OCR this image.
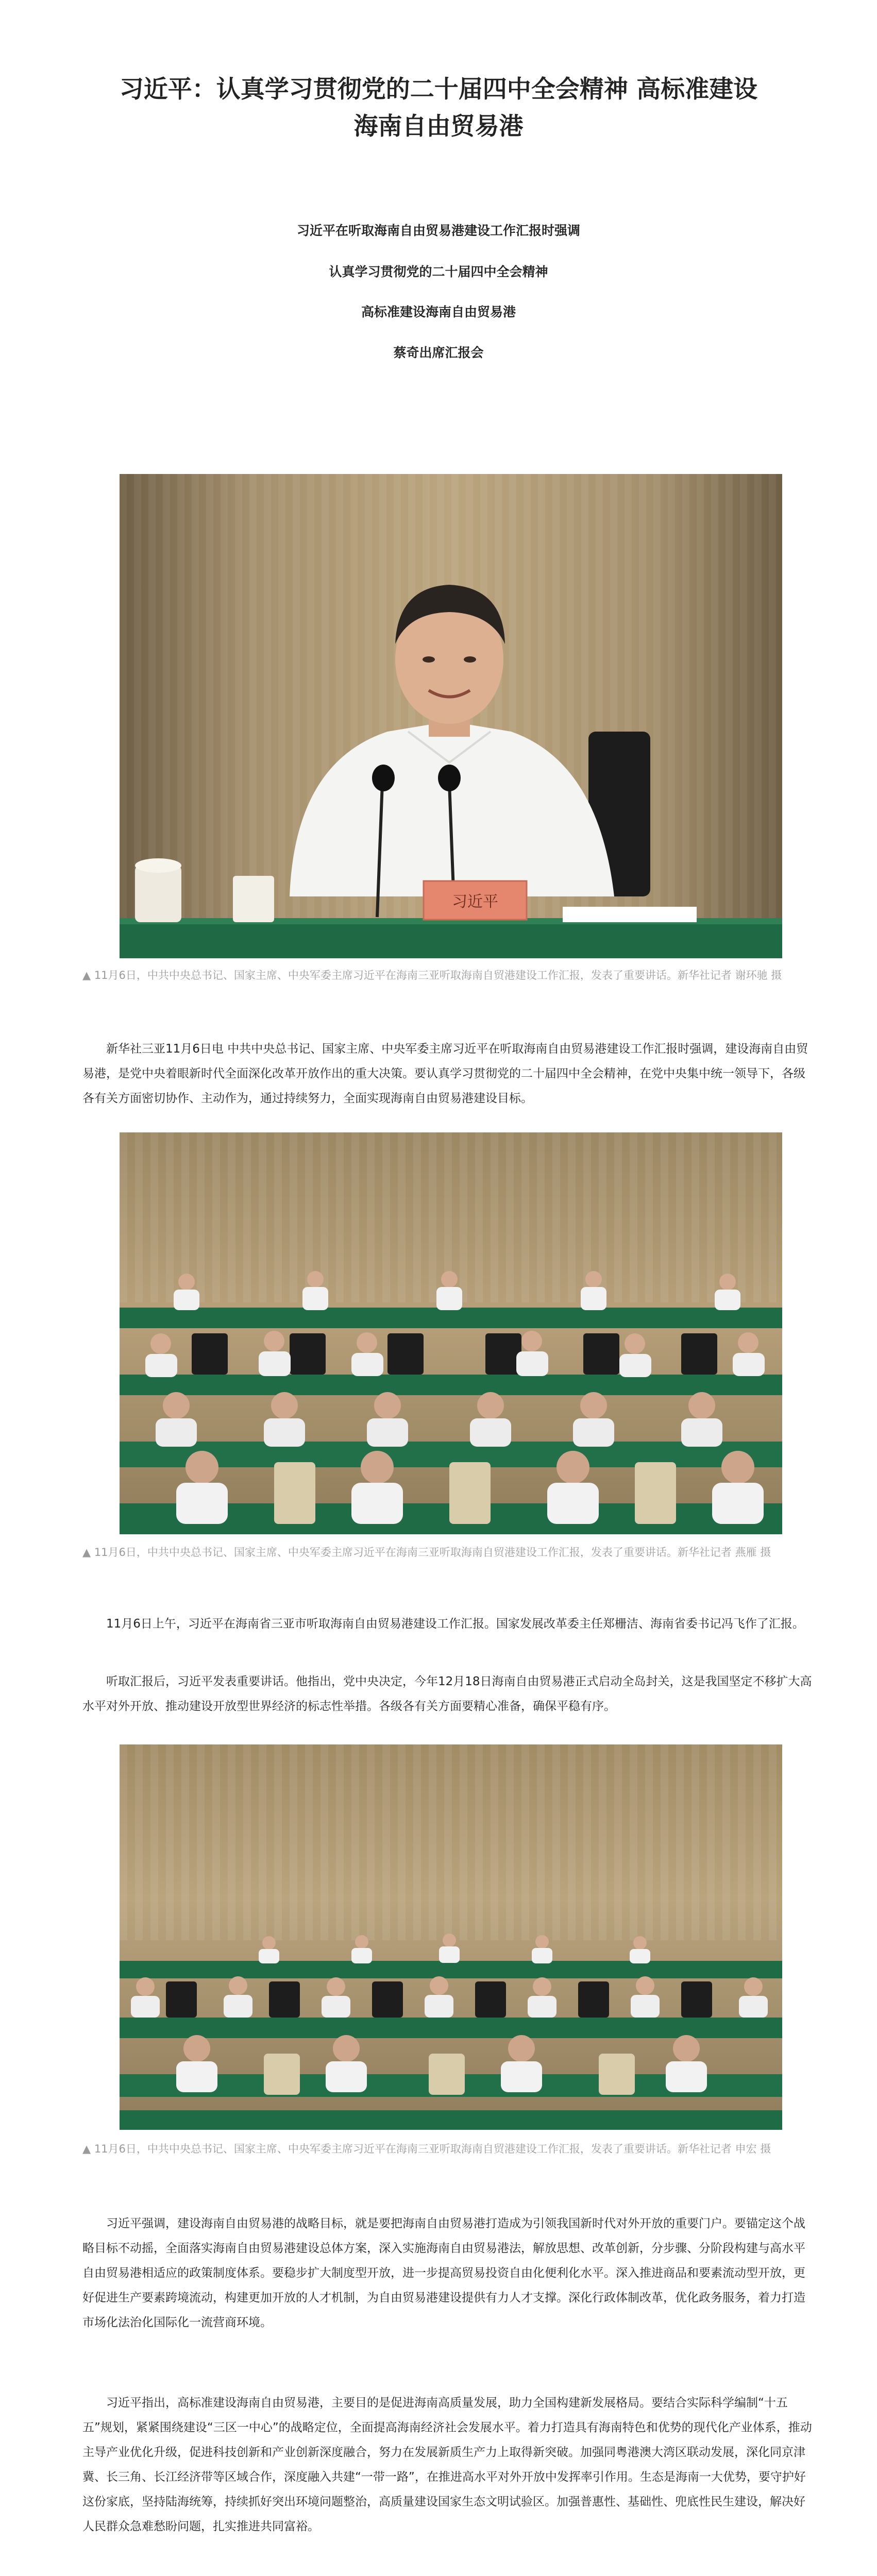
习近平：认真学习贯彻党的二十届四中全会精神 高标准建设
海南自由贸易港
习近平在听取海南自由贸易港建设工作汇报时强调
认真学习贯彻党的二十届四中全会精神
高标准建设海南自由贸易港
蔡奇出席汇报会
习近平
▲ 11月6日，中共中央总书记、国家主席、中央军委主席习近平在海南三亚听取海南自贸港建设工作汇报，发表了重要讲话。新华社记者 谢环驰 摄
新华社三亚11月6日电 中共中央总书记、国家主席、中央军委主席习近平在听取海南自由贸易港建设工作汇报时强调，建设海南自由贸易港，是党中央着眼新时代全面深化改革开放作出的重大决策。要认真学习贯彻党的二十届四中全会精神，在党中央集中统一领导下，各级各有关方面密切协作、主动作为，通过持续努力，全面实现海南自由贸易港建设目标。
▲ 11月6日，中共中央总书记、国家主席、中央军委主席习近平在海南三亚听取海南自贸港建设工作汇报，发表了重要讲话。新华社记者 燕雁 摄
11月6日上午，习近平在海南省三亚市听取海南自由贸易港建设工作汇报。国家发展改革委主任郑栅洁、海南省委书记冯飞作了汇报。
听取汇报后，习近平发表重要讲话。他指出，党中央决定，今年12月18日海南自由贸易港正式启动全岛封关，这是我国坚定不移扩大高水平对外开放、推动建设开放型世界经济的标志性举措。各级各有关方面要精心准备，确保平稳有序。
▲ 11月6日，中共中央总书记、国家主席、中央军委主席习近平在海南三亚听取海南自贸港建设工作汇报，发表了重要讲话。新华社记者 申宏 摄
习近平强调，建设海南自由贸易港的战略目标，就是要把海南自由贸易港打造成为引领我国新时代对外开放的重要门户。要锚定这个战略目标不动摇，全面落实海南自由贸易港建设总体方案，深入实施海南自由贸易港法，解放思想、改革创新，分步骤、分阶段构建与高水平自由贸易港相适应的政策制度体系。要稳步扩大制度型开放，进一步提高贸易投资自由化便利化水平。深入推进商品和要素流动型开放，更好促进生产要素跨境流动，构建更加开放的人才机制，为自由贸易港建设提供有力人才支撑。深化行政体制改革，优化政务服务，着力打造市场化法治化国际化一流营商环境。
习近平指出，高标准建设海南自由贸易港，主要目的是促进海南高质量发展，助力全国构建新发展格局。要结合实际科学编制“十五五”规划，紧紧围绕建设“三区一中心”的战略定位，全面提高海南经济社会发展水平。着力打造具有海南特色和优势的现代化产业体系，推动主导产业优化升级，促进科技创新和产业创新深度融合，努力在发展新质生产力上取得新突破。加强同粤港澳大湾区联动发展，深化同京津冀、长三角、长江经济带等区域合作，深度融入共建“一带一路”，在推进高水平对外开放中发挥率引作用。生态是海南一大优势，要守护好这份家底，坚持陆海统筹，持续抓好突出环境问题整治，高质量建设国家生态文明试验区。加强普惠性、基础性、兜底性民生建设，解决好人民群众急难愁盼问题，扎实推进共同富裕。
